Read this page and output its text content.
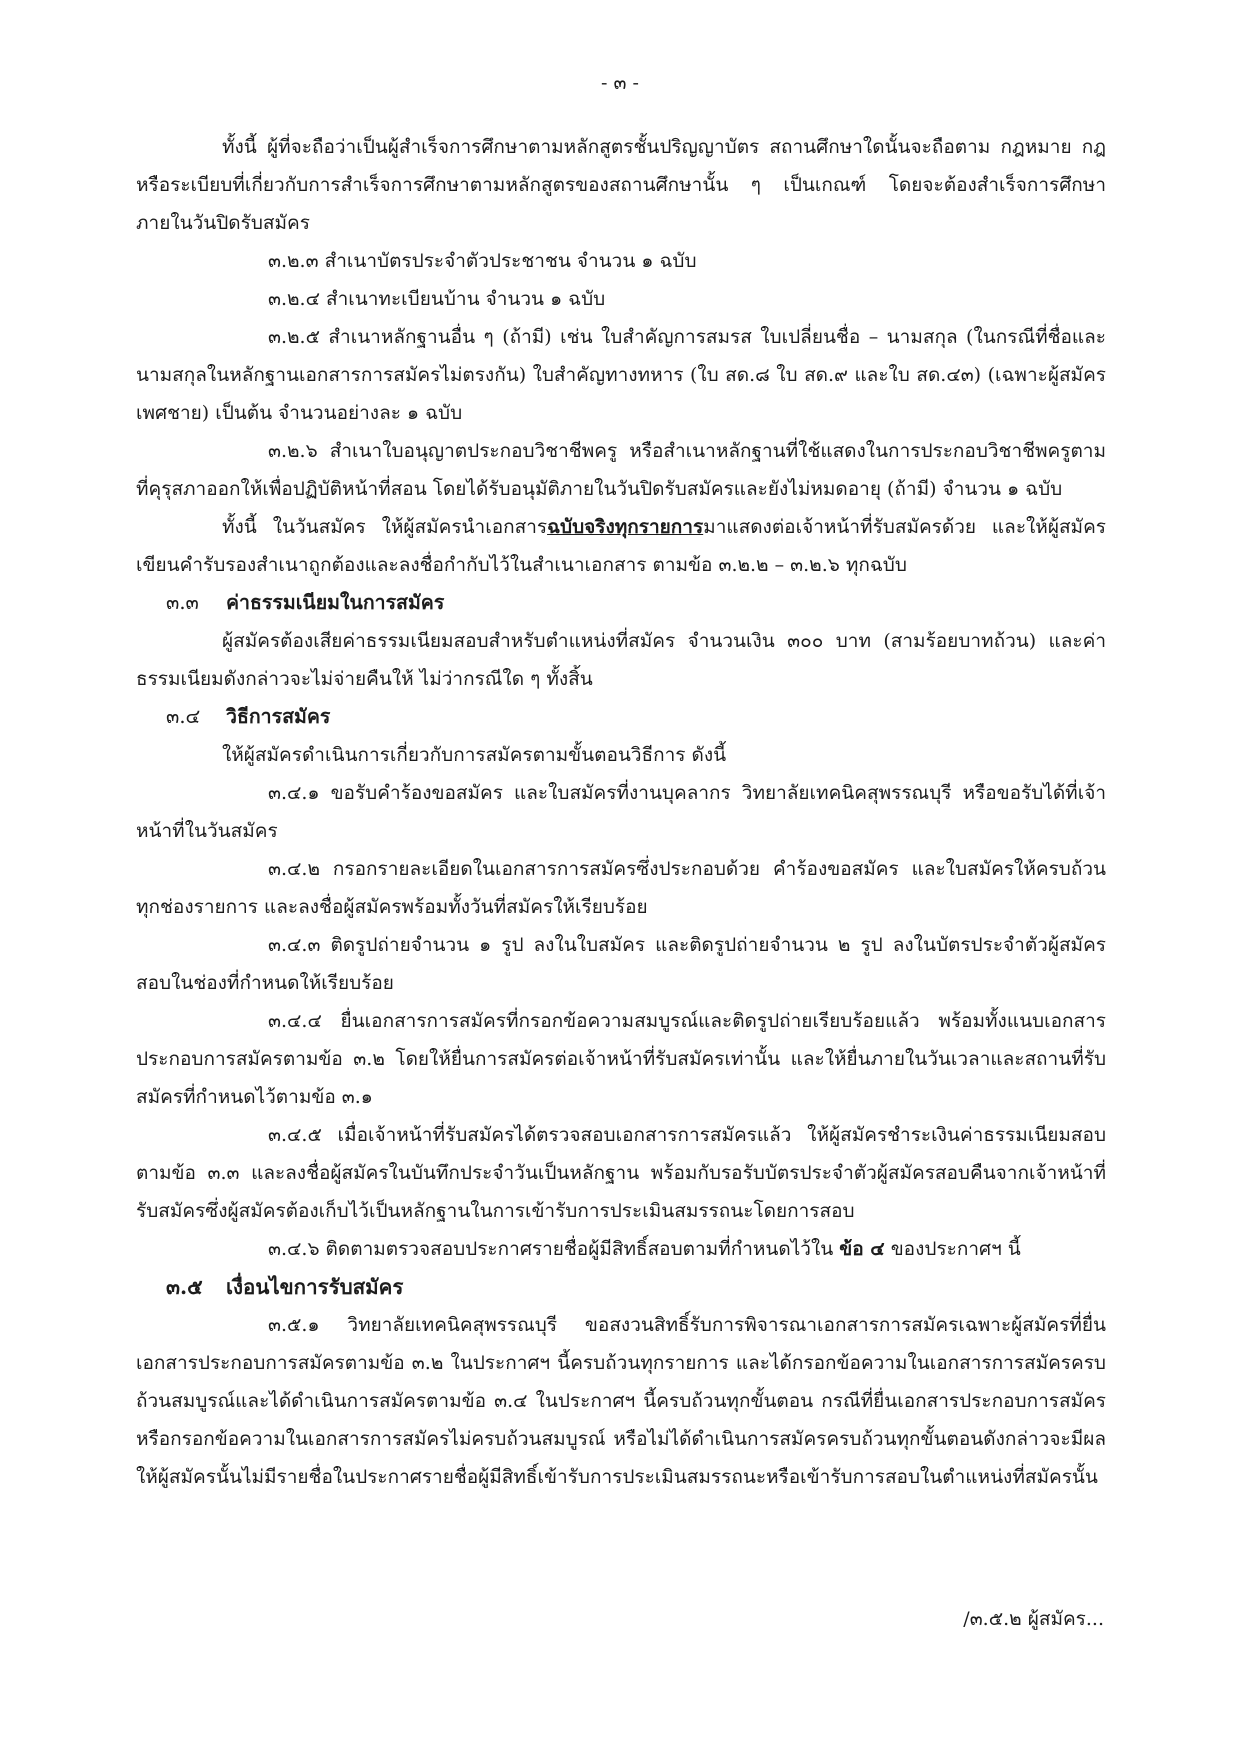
- ๓ -

ทั้งนี้ ผู้ที่จะถือว่าเป็นผู้สำเร็จการศึกษาตามหลักสูตรชั้นปริญญาบัตร สถานศึกษาใดนั้นจะถือตาม กฎหมาย กฎ หรือระเบียบที่เกี่ยวกับการสำเร็จการศึกษาตามหลักสูตรของสถานศึกษานั้น ๆ เป็นเกณฑ์ โดยจะต้องสำเร็จการศึกษาภายในวันปิดรับสมัคร

๓.๒.๓ สำเนาบัตรประจำตัวประชาชน จำนวน ๑ ฉบับ

๓.๒.๔ สำเนาทะเบียนบ้าน จำนวน ๑ ฉบับ

๓.๒.๕ สำเนาหลักฐานอื่น ๆ (ถ้ามี) เช่น ใบสำคัญการสมรส ใบเปลี่ยนชื่อ – นามสกุล (ในกรณีที่ชื่อและนามสกุลในหลักฐานเอกสารการสมัครไม่ตรงกัน) ใบสำคัญทางทหาร (ใบ สด.๘ ใบ สด.๙ และใบ สด.๔๓) (เฉพาะผู้สมัครเพศชาย) เป็นต้น จำนวนอย่างละ ๑ ฉบับ

๓.๒.๖ สำเนาใบอนุญาตประกอบวิชาชีพครู หรือสำเนาหลักฐานที่ใช้แสดงในการประกอบวิชาชีพครูตามที่คุรุสภาออกให้เพื่อปฏิบัติหน้าที่สอน โดยได้รับอนุมัติภายในวันปิดรับสมัครและยังไม่หมดอายุ (ถ้ามี) จำนวน ๑ ฉบับ

ทั้งนี้ ในวันสมัคร ให้ผู้สมัครนำเอกสารฉบับจริงทุกรายการมาแสดงต่อเจ้าหน้าที่รับสมัครด้วย และให้ผู้สมัครเขียนคำรับรองสำเนาถูกต้องและลงชื่อกำกับไว้ในสำเนาเอกสาร ตามข้อ ๓.๒.๒ – ๓.๒.๖ ทุกฉบับ

๓.๓ ค่าธรรมเนียมในการสมัคร

ผู้สมัครต้องเสียค่าธรรมเนียมสอบสำหรับตำแหน่งที่สมัคร จำนวนเงิน ๓๐๐ บาท (สามร้อยบาทถ้วน) และค่าธรรมเนียมดังกล่าวจะไม่จ่ายคืนให้ ไม่ว่ากรณีใด ๆ ทั้งสิ้น

๓.๔ วิธีการสมัคร

ให้ผู้สมัครดำเนินการเกี่ยวกับการสมัครตามขั้นตอนวิธีการ ดังนี้

๓.๔.๑ ขอรับคำร้องขอสมัคร และใบสมัครที่งานบุคลากร วิทยาลัยเทคนิคสุพรรณบุรี หรือขอรับได้ที่เจ้าหน้าที่ในวันสมัคร

๓.๔.๒ กรอกรายละเอียดในเอกสารการสมัครซึ่งประกอบด้วย คำร้องขอสมัคร และใบสมัครให้ครบถ้วนทุกช่องรายการ และลงชื่อผู้สมัครพร้อมทั้งวันที่สมัครให้เรียบร้อย

๓.๔.๓ ติดรูปถ่ายจำนวน ๑ รูป ลงในใบสมัคร และติดรูปถ่ายจำนวน ๒ รูป ลงในบัตรประจำตัวผู้สมัครสอบในช่องที่กำหนดให้เรียบร้อย

๓.๔.๔ ยื่นเอกสารการสมัครที่กรอกข้อความสมบูรณ์และติดรูปถ่ายเรียบร้อยแล้ว พร้อมทั้งแนบเอกสารประกอบการสมัครตามข้อ ๓.๒ โดยให้ยื่นการสมัครต่อเจ้าหน้าที่รับสมัครเท่านั้น และให้ยื่นภายในวันเวลาและสถานที่รับสมัครที่กำหนดไว้ตามข้อ ๓.๑

๓.๔.๕ เมื่อเจ้าหน้าที่รับสมัครได้ตรวจสอบเอกสารการสมัครแล้ว ให้ผู้สมัครชำระเงินค่าธรรมเนียมสอบตามข้อ ๓.๓ และลงชื่อผู้สมัครในบันทึกประจำวันเป็นหลักฐาน พร้อมกับรอรับบัตรประจำตัวผู้สมัครสอบคืนจากเจ้าหน้าที่รับสมัครซึ่งผู้สมัครต้องเก็บไว้เป็นหลักฐานในการเข้ารับการประเมินสมรรถนะโดยการสอบ

๓.๔.๖ ติดตามตรวจสอบประกาศรายชื่อผู้มีสิทธิ์สอบตามที่กำหนดไว้ใน ข้อ ๔ ของประกาศฯ นี้

๓.๕ เงื่อนไขการรับสมัคร

๓.๕.๑ วิทยาลัยเทคนิคสุพรรณบุรี ขอสงวนสิทธิ์รับการพิจารณาเอกสารการสมัครเฉพาะผู้สมัครที่ยื่นเอกสารประกอบการสมัครตามข้อ ๓.๒ ในประกาศฯ นี้ครบถ้วนทุกรายการ และได้กรอกข้อความในเอกสารการสมัครครบถ้วนสมบูรณ์และได้ดำเนินการสมัครตามข้อ ๓.๔ ในประกาศฯ นี้ครบถ้วนทุกขั้นตอน กรณีที่ยื่นเอกสารประกอบการสมัคร หรือกรอกข้อความในเอกสารการสมัครไม่ครบถ้วนสมบูรณ์ หรือไม่ได้ดำเนินการสมัครครบถ้วนทุกขั้นตอนดังกล่าวจะมีผลให้ผู้สมัครนั้นไม่มีรายชื่อในประกาศรายชื่อผู้มีสิทธิ์เข้ารับการประเมินสมรรถนะหรือเข้ารับการสอบในตำแหน่งที่สมัครนั้น

/๓.๕.๒ ผู้สมัคร...
